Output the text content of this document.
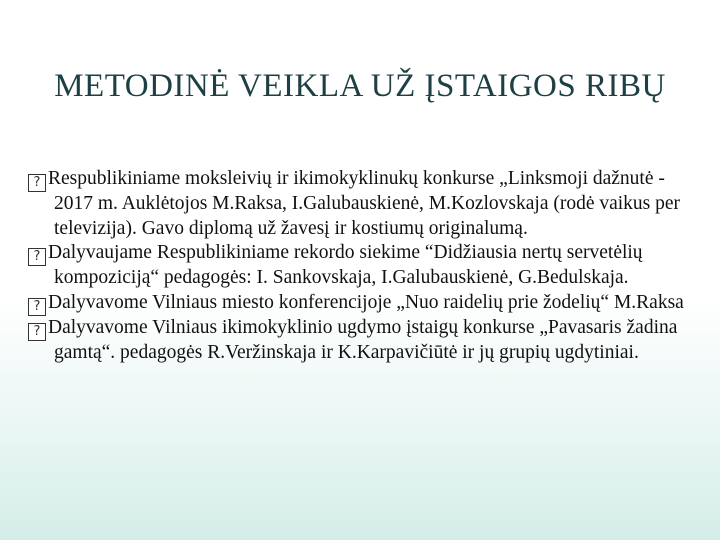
METODINĖ VEIKLA UŽ ĮSTAIGOS RIBŲ
? Respublikiniame moksleivių ir ikimokyklinukų konkurse „Linksmoji dažnutė - 2017 m. Auklėtojos M.Raksa, I.Galubauskienė, M.Kozlovskaja (rodė vaikus per televizija). Gavo diplomą už žavesį ir kostiumų originalumą.
? Dalyvaujame Respublikiniame rekordo siekime “Didžiausia nertų servetėlių kompoziciją“ pedagogės: I. Sankovskaja, I.Galubauskienė, G.Bedulskaja.
? Dalyvavome Vilniaus miesto konferencijoje „Nuo raidelių prie žodelių“ M.Raksa
? Dalyvavome Vilniaus ikimokyklinio ugdymo įstaigų konkurse „Pavasaris žadina gamtą“. pedagogės R.Veržinskaja ir K.Karpavičiūtė ir jų grupių ugdytiniai.
